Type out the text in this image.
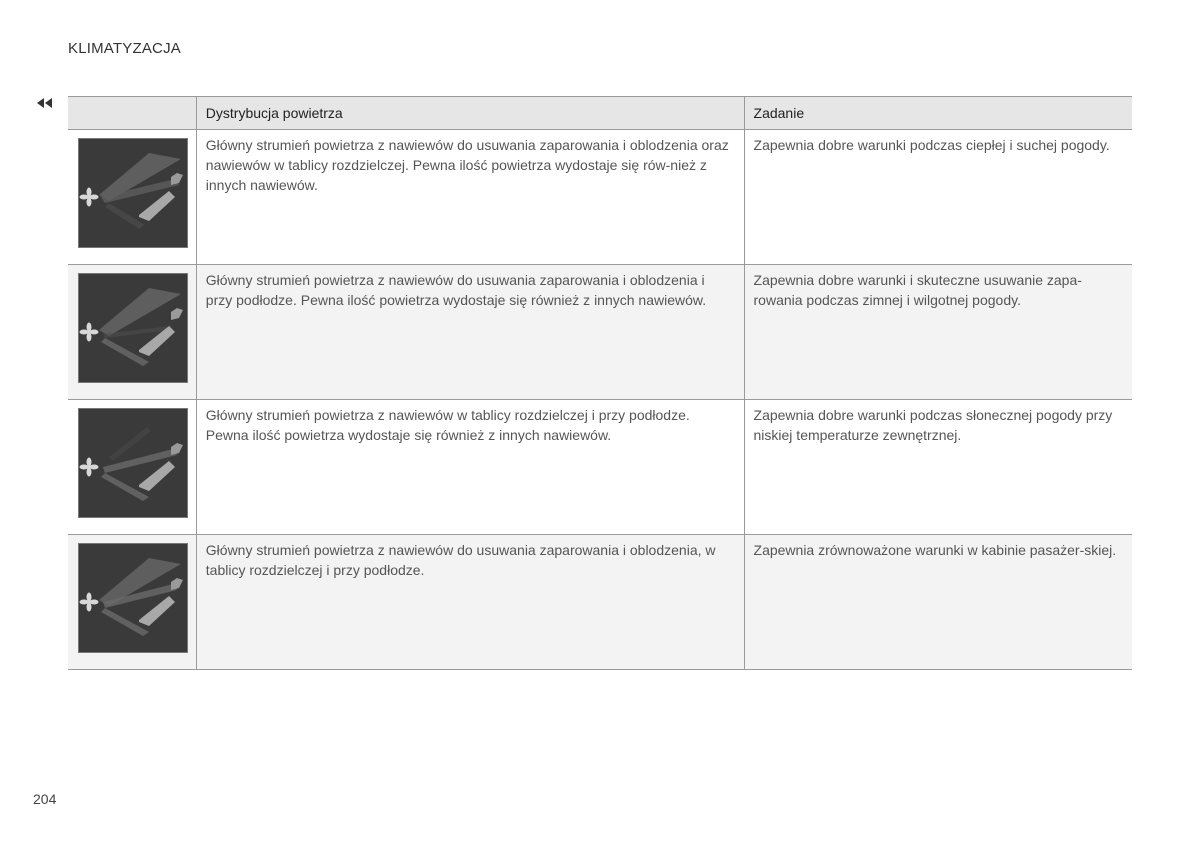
KLIMATYZACJA
	Dystrybucja powietrza	Zadanie

	Główny strumień powietrza z nawiewów do usuwania zaparowania i oblodzenia oraz nawiewów w tablicy rozdzielczej. Pewna ilość powietrza wydostaje się rów-nież z innych nawiewów.	Zapewnia dobre warunki podczas ciepłej i suchej pogody.

	Główny strumień powietrza z nawiewów do usuwania zaparowania i oblodzenia i przy podłodze. Pewna ilość powietrza wydostaje się również z innych nawiewów.	Zapewnia dobre warunki i skuteczne usuwanie zapa-rowania podczas zimnej i wilgotnej pogody.

	Główny strumień powietrza z nawiewów w tablicy rozdzielczej i przy podłodze. Pewna ilość powietrza wydostaje się również z innych nawiewów.	Zapewnia dobre warunki podczas słonecznej pogody przy niskiej temperaturze zewnętrznej.

	Główny strumień powietrza z nawiewów do usuwania zaparowania i oblodzenia, w tablicy rozdzielczej i przy podłodze.	Zapewnia zrównoważone warunki w kabinie pasażer-skiej.
204
